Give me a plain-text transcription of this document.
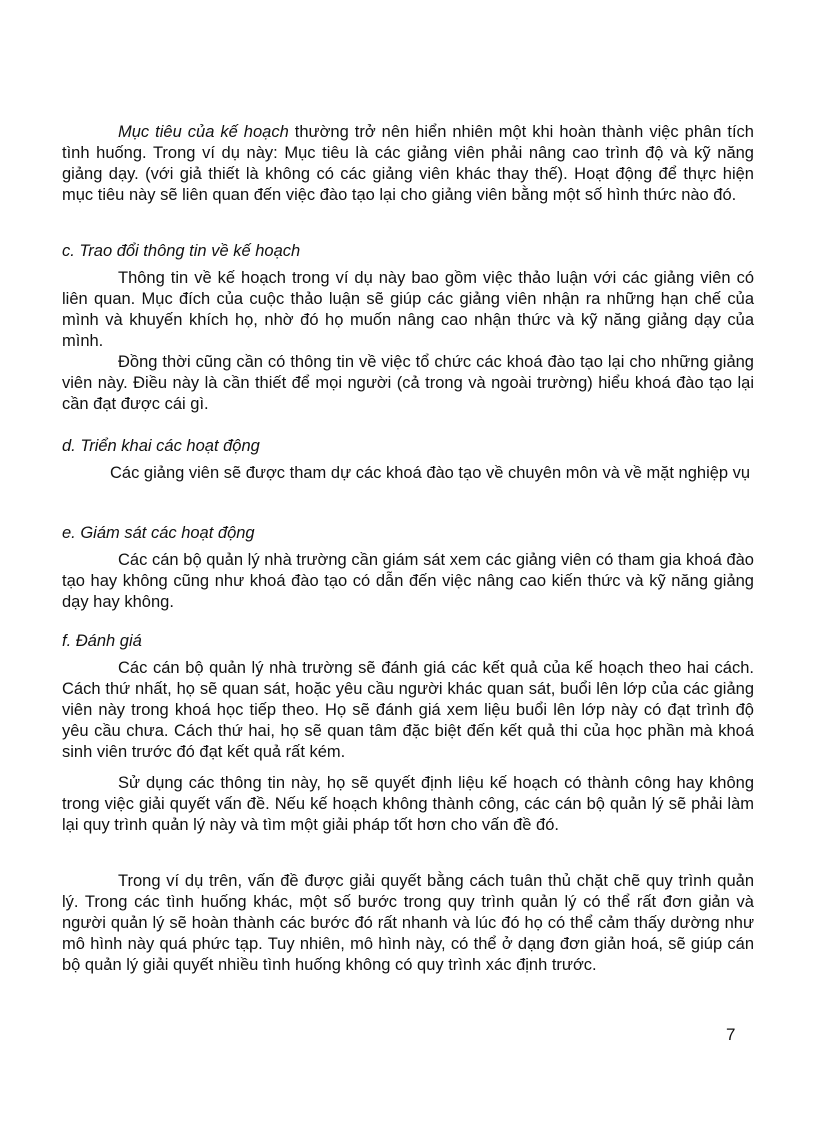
Mục tiêu của kế hoạch thường trở nên hiển nhiên một khi hoàn thành việc phân tích tình huống. Trong ví dụ này: Mục tiêu là các giảng viên phải nâng cao trình độ và kỹ năng giảng dạy. (với giả thiết là không có các giảng viên khác thay thế). Hoạt động để thực hiện mục tiêu này sẽ liên quan đến việc đào tạo lại cho giảng viên bằng một số hình thức nào đó.

c. Trao đổi thông tin về kế hoạch

Thông tin về kế hoạch trong ví dụ này bao gồm việc thảo luận với các giảng viên có liên quan. Mục đích của cuộc thảo luận sẽ giúp các giảng viên nhận ra những hạn chế của mình và khuyến khích họ, nhờ đó họ muốn nâng cao nhận thức và kỹ năng giảng dạy của mình.

Đồng thời cũng cần có thông tin về việc tổ chức các khoá đào tạo lại cho những giảng viên này. Điều này là cần thiết để mọi người (cả trong và ngoài trường) hiểu khoá đào tạo lại cần đạt được cái gì.

d. Triển khai các hoạt động

Các giảng viên sẽ được tham dự các khoá đào tạo về chuyên môn và về mặt nghiệp vụ

e. Giám sát các hoạt động

Các cán bộ quản lý nhà trường cần giám sát xem các giảng viên có tham gia khoá đào tạo hay không cũng như khoá đào tạo có dẫn đến việc nâng cao kiến thức và kỹ năng giảng dạy hay không.

f. Đánh giá

Các cán bộ quản lý nhà trường sẽ đánh giá các kết quả của kế hoạch theo hai cách. Cách thứ nhất, họ sẽ quan sát, hoặc yêu cầu người khác quan sát, buổi lên lớp của các giảng viên này trong khoá học tiếp theo. Họ sẽ đánh giá xem liệu buổi lên lớp này có đạt trình độ yêu cầu chưa. Cách thứ hai, họ sẽ quan tâm đặc biệt đến kết quả thi của học phần mà khoá sinh viên trước đó đạt kết quả rất kém.

Sử dụng các thông tin này, họ sẽ quyết định liệu kế hoạch có thành công hay không trong việc giải quyết vấn đề. Nếu kế hoạch không thành công, các cán bộ quản lý sẽ phải làm lại quy trình quản lý này và tìm một giải pháp tốt hơn cho vấn đề đó.

Trong ví dụ trên, vấn đề được giải quyết bằng cách tuân thủ chặt chẽ quy trình quản lý. Trong các tình huống khác, một số bước trong quy trình quản lý có thể rất đơn giản và người quản lý sẽ hoàn thành các bước đó rất nhanh và lúc đó họ có thể cảm thấy dường như mô hình này quá phức tạp. Tuy nhiên, mô hình này, có thể ở dạng đơn giản hoá, sẽ giúp cán bộ quản lý giải quyết nhiều tình huống không có quy trình xác định trước.

7
